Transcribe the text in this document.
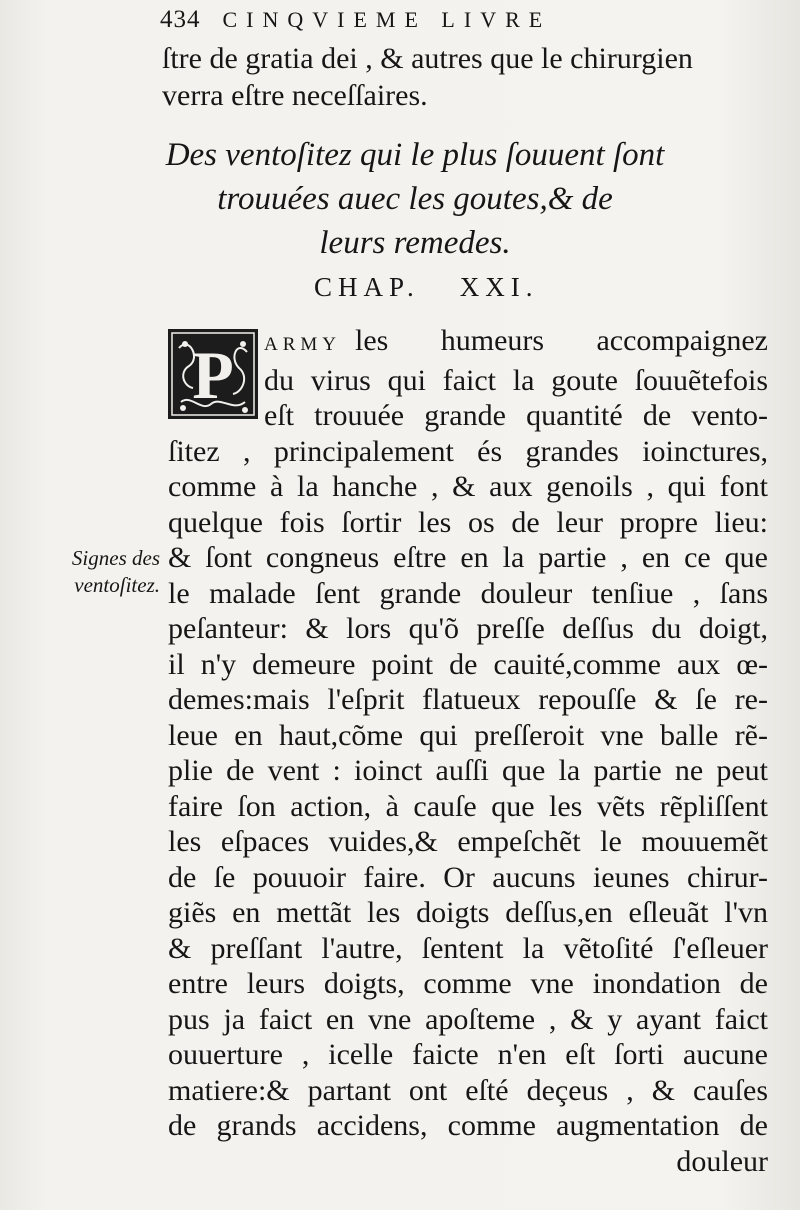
434 CINQVIEME LIVRE
ſtre de gratia dei , & autres que le chirurgien
verra eſtre neceſſaires.
Des ventoſitez qui le plus ſouuent ſont
trouuées auec les goutes,& de
leurs remedes.
CHAP. XXI.
P	ARMY les humeurs accompaignez
du virus qui faict la goute ſouuẽtefois
eſt trouuée grande quantité de vento-
ſitez , principalement és grandes ioinctures,
comme à la hanche , & aux genoils , qui font
quelque fois ſortir les os de leur propre lieu:
& ſont congneus eſtre en la partie , en ce que
le malade ſent grande douleur tenſiue , ſans
peſanteur: & lors qu'õ preſſe deſſus du doigt,
il n'y demeure point de cauité,comme aux œ-
demes:mais l'eſprit flatueux repouſſe & ſe re-
leue en haut,cõme qui preſſeroit vne balle rẽ-
plie de vent : ioinct auſſi que la partie ne peut
faire ſon action, à cauſe que les vẽts rẽpliſſent
les eſpaces vuides,& empeſchẽt le mouuemẽt
de ſe pouuoir faire. Or aucuns ieunes chirur-
giẽs en mettãt les doigts deſſus,en eſleuãt l'vn
& preſſant l'autre, ſentent la vẽtoſité ſ'eſleuer
entre leurs doigts, comme vne inondation de
pus ja faict en vne apoſteme , & y ayant faict
ouuerture , icelle faicte n'en eſt ſorti aucune
matiere:& partant ont eſté deçeus , & cauſes
de grands accidens, comme augmentation de
douleur
Signes des
ventoſitez.
